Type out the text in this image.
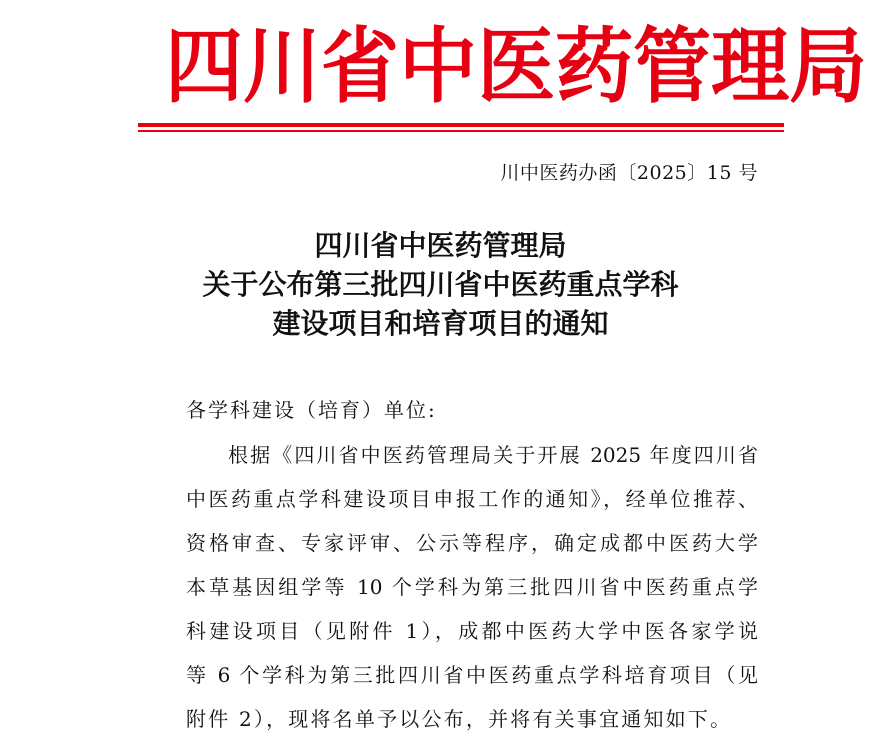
四 川 省 中 医 药 管 理 局
川中医药办函〔2025〕15 号
四川省中医药管理局
关于公布第三批四川省中医药重点学科
建设项目和培育项目的通知
各学科建设（培育）单位:
根据《四川省中医药管理局关于开展 2025 年度四川省
中医药重点学科建设项目申报工作的通知》，经单位推荐、
资格审查、专家评审、公示等程序，确定成都中医药大学
本草基因组学等 10 个学科为第三批四川省中医药重点学
科建设项目（见附件 1），成都中医药大学中医各家学说
等 6 个学科为第三批四川省中医药重点学科培育项目（见
附件 2），现将名单予以公布，并将有关事宜通知如下。
